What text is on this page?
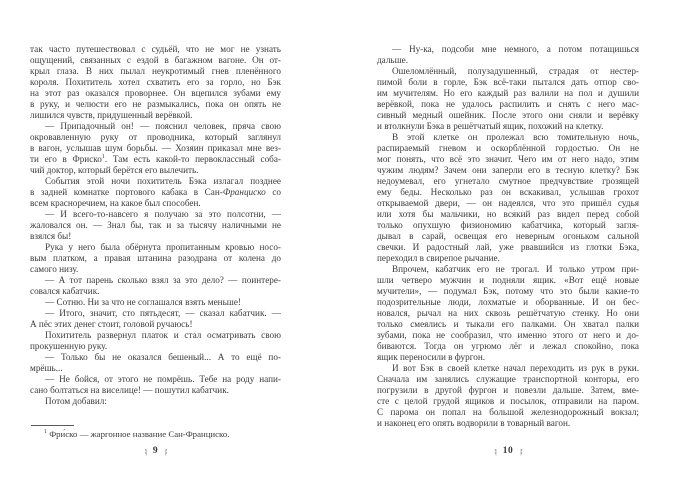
так часто путешествовал с судьёй, что не мог не узнать
ощущений, связанных с ездой в багажном вагоне. Он от-
крыл глаза. В них пылал неукротимый гнев пленённого
короля. Похититель хотел схватить его за горло, но Бэк
на этот раз оказался проворнее. Он вцепился зубами ему
в руку, и челюсти его не размыкались, пока он опять не
лишился чувств, придушенный верёвкой.
— Припадочный он! — пояснил человек, пряча свою
окровавленную руку от проводника, который заглянул
в вагон, услышав шум борьбы. — Хозяин приказал мне вез-
ти его в Фриско$^1$. Там есть какой-то первоклассный соба-
чий доктор, который берётся его вылечить.
События этой ночи похититель Бэка излагал позднее
в задней комнатке портового кабака в Сан-Франциско со
всем красноречием, на какое был способен.
— И всего-то-навсего я получаю за это полсотни, —
жаловался он. — Знал бы, так и за тысячу наличными не
взялся бы!
Рука у него была обёрнута пропитанным кровью носо-
вым платком, а правая штанина разодрана от колена до
самого низу.
— А тот парень сколько взял за это дело? — поинтере-
совался кабатчик.
— Сотню. Ни за что не соглашался взять меньше!
— Итого, значит, сто пятьдесят, — сказал кабатчик. —
А пёс этих денег стоит, головой ручаюсь!
Похититель развернул платок и стал осматривать свою
прокушенную руку.
— Только бы не оказался бешеный... А то ещё по-
мрёшь...
— Не бойся, от этого не помрёшь. Тебе на роду напи-
сано болтаться на виселице! — пошутил кабатчик.
Потом добавил:
— Ну-ка, подсоби мне немного, а потом потащишься
дальше.
Ошеломлённый, полузадушенный, страдая от нестер-
пимой боли в горле, Бэк всё-таки пытался дать отпор сво-
им мучителям. Но его каждый раз валили на пол и душили
верёвкой, пока не удалось распилить и снять с него мас-
сивный медный ошейник. После этого они сняли и верёвку
и втолкнули Бэка в решётчатый ящик, похожий на клетку.
В этой клетке он пролежал всю томительную ночь,
распираемый гневом и оскорблённой гордостью. Он не
мог понять, что всё это значит. Чего им от него надо, этим
чужим людям? Зачем они заперли его в тесную клетку? Бэк
недоумевал, его угнетало смутное предчувствие грозящей
ему беды. Несколько раз он вскакивал, услышав грохот
открываемой двери, — он надеялся, что это пришёл судья
или хотя бы мальчики, но всякий раз видел перед собой
только опухшую физиономию кабатчика, который загля-
дывал в сарай, освещая его неверным огоньком сальной
свечки. И радостный лай, уже рвавшийся из глотки Бэка,
переходил в свирепое рычание.
Впрочем, кабатчик его не трогал. И только утром при-
шли четверо мужчин и подняли ящик. «Вот ещё новые
мучители», — подумал Бэк, потому что это были какие-то
подозрительные люди, лохматые и оборванные. И он бес-
новался, рычал на них сквозь решётчатую стенку. Но они
только смеялись и тыкали его палками. Он хватал палки
зубами, пока не сообразил, что именно этого от него и до-
биваются. Тогда он угрюмо лёг и лежал спокойно, пока
ящик переносили в фургон.
И вот Бэк в своей клетке начал переходить из рук в руки.
Сначала им занялись служащие транспортной конторы, его
погрузили в другой фургон и повезли дальше. Затем, вме-
сте с целой грудой ящиков и посылок, отправили на паром.
С парома он попал на большой железнодорожный вокзал;
и наконец его опять водворили в товарный вагон.
$^1$ Фри́ско — жаргонное название Сан-Франциско.
∶| 9 |∶	∶| 10 |∶
